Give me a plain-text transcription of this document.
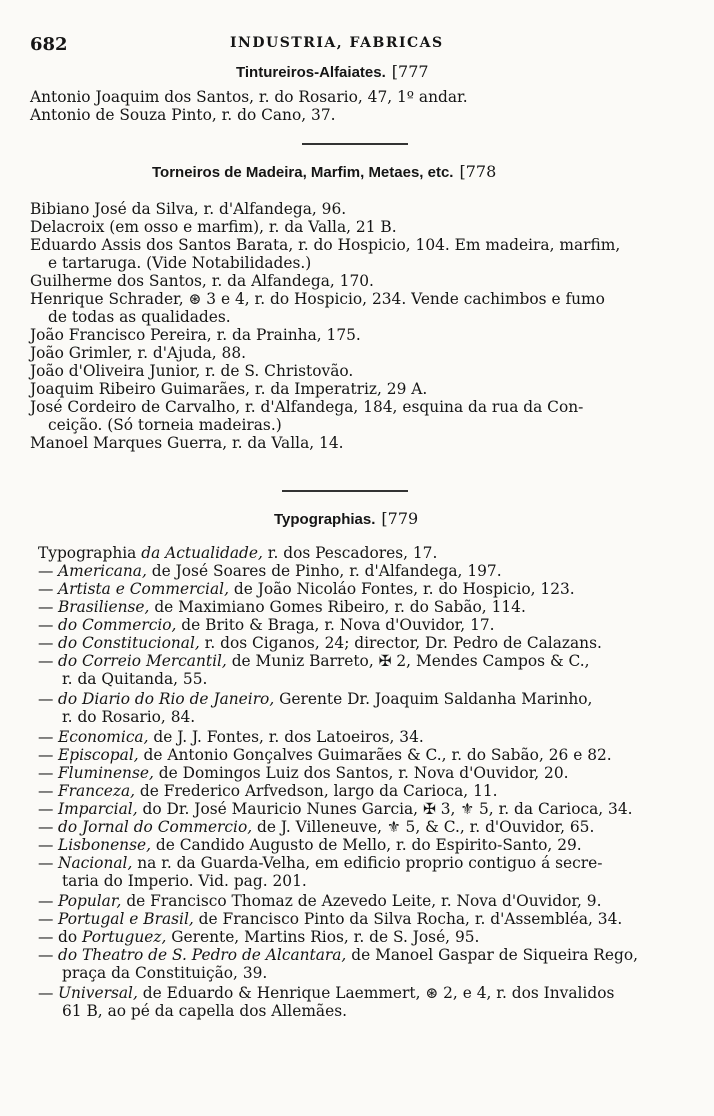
682	INDUSTRIA, FABRICAS
Tintureiros-Alfaiates. [777
Antonio Joaquim dos Santos, r. do Rosario, 47, 1º andar.
Antonio de Souza Pinto, r. do Cano, 37.
Torneiros de Madeira, Marfim, Metaes, etc. [778
Bibiano José da Silva, r. d'Alfandega, 96.
Delacroix (em osso e marfim), r. da Valla, 21 B.
Eduardo Assis dos Santos Barata, r. do Hospicio, 104. Em madeira, marfim,
e tartaruga. (Vide Notabilidades.)
Guilherme dos Santos, r. da Alfandega, 170.
Henrique Schrader, ⊛ 3 e 4, r. do Hospicio, 234. Vende cachimbos e fumo
de todas as qualidades.
João Francisco Pereira, r. da Prainha, 175.
João Grimler, r. d'Ajuda, 88.
João d'Oliveira Junior, r. de S. Christovão.
Joaquim Ribeiro Guimarães, r. da Imperatriz, 29 A.
José Cordeiro de Carvalho, r. d'Alfandega, 184, esquina da rua da Con-
ceição. (Só torneia madeiras.)
Manoel Marques Guerra, r. da Valla, 14.
Typographias. [779
Typographia da Actualidade, r. dos Pescadores, 17.
— Americana, de José Soares de Pinho, r. d'Alfandega, 197.
— Artista e Commercial, de João Nicoláo Fontes, r. do Hospicio, 123.
— Brasiliense, de Maximiano Gomes Ribeiro, r. do Sabão, 114.
— do Commercio, de Brito & Braga, r. Nova d'Ouvidor, 17.
— do Constitucional, r. dos Ciganos, 24; director, Dr. Pedro de Calazans.
— do Correio Mercantil, de Muniz Barreto, ✠ 2, Mendes Campos & C.,
r. da Quitanda, 55.
— do Diario do Rio de Janeiro, Gerente Dr. Joaquim Saldanha Marinho,
r. do Rosario, 84.
— Economica, de J. J. Fontes, r. dos Latoeiros, 34.
— Episcopal, de Antonio Gonçalves Guimarães & C., r. do Sabão, 26 e 82.
— Fluminense, de Domingos Luiz dos Santos, r. Nova d'Ouvidor, 20.
— Franceza, de Frederico Arfvedson, largo da Carioca, 11.
— Imparcial, do Dr. José Mauricio Nunes Garcia, ✠ 3, ⚜ 5, r. da Carioca, 34.
— do Jornal do Commercio, de J. Villeneuve, ⚜ 5, & C., r. d'Ouvidor, 65.
— Lisbonense, de Candido Augusto de Mello, r. do Espirito-Santo, 29.
— Nacional, na r. da Guarda-Velha, em edificio proprio contiguo á secre-
taria do Imperio. Vid. pag. 201.
— Popular, de Francisco Thomaz de Azevedo Leite, r. Nova d'Ouvidor, 9.
— Portugal e Brasil, de Francisco Pinto da Silva Rocha, r. d'Assembléa, 34.
— do Portuguez, Gerente, Martins Rios, r. de S. José, 95.
— do Theatro de S. Pedro de Alcantara, de Manoel Gaspar de Siqueira Rego,
praça da Constituição, 39.
— Universal, de Eduardo & Henrique Laemmert, ⊛ 2, e 4, r. dos Invalidos
61 B, ao pé da capella dos Allemães.
